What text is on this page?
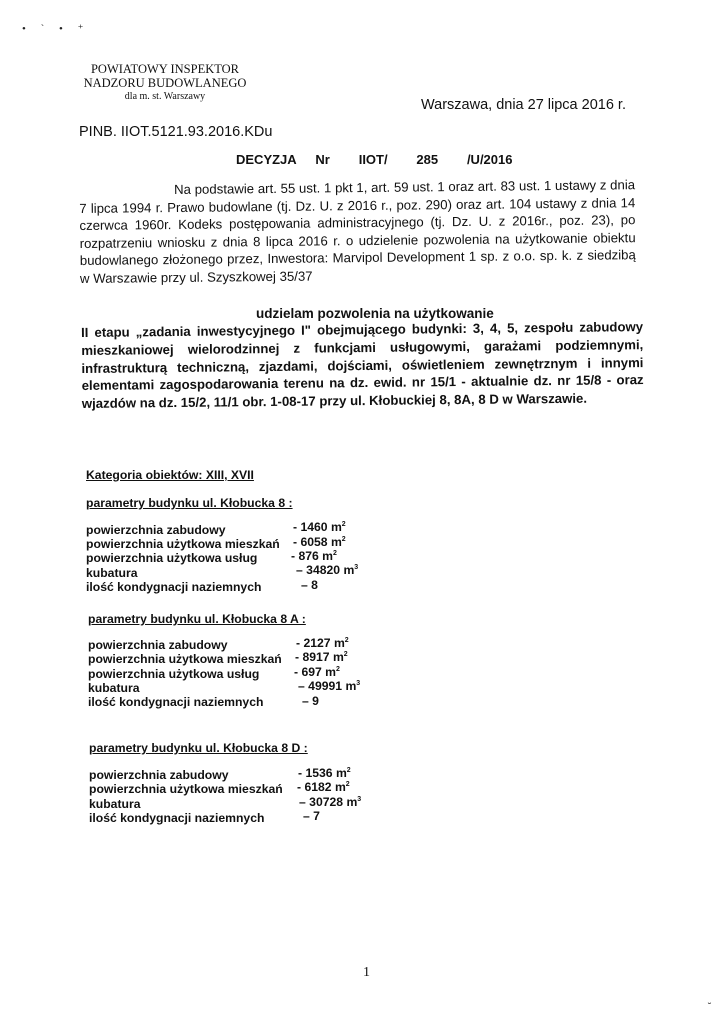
• ` • ⁺
POWIATOWY INSPEKTOR
NADZORU BUDOWLANEGO
dla m. st. Warszawy
Warszawa, dnia 27 lipca 2016 r.
PINB. IIOT.5121.93.2016.KDu
DECYZJA  Nr   IIOT/   285   /U/2016

Na podstawie art. 55 ust. 1 pkt 1, art. 59 ust. 1 oraz art. 83 ust. 1 ustawy z dnia 7 lipca 1994 r. Prawo budowlane (tj. Dz. U. z 2016 r., poz. 290) oraz art. 104 ustawy z dnia 14 czerwca 1960r. Kodeks postępowania administracyjnego (tj. Dz. U. z 2016r., poz. 23), po rozpatrzeniu wniosku z dnia 8 lipca 2016 r. o udzielenie pozwolenia na użytkowanie obiektu budowlanego złożonego przez, Inwestora: Marvipol Development 1 sp. z o.o. sp. k. z siedzibą w Warszawie przy ul. Szyszkowej 35/37

udzielam pozwolenia na użytkowanie

II etapu „zadania inwestycyjnego I" obejmującego budynki: 3, 4, 5, zespołu zabudowy mieszkaniowej wielorodzinnej z funkcjami usługowymi, garażami podziemnymi, infrastrukturą techniczną, zjazdami, dojściami, oświetleniem zewnętrznym i innymi elementami zagospodarowania terenu na dz. ewid. nr 15/1 - aktualnie dz. nr 15/8 - oraz wjazdów na dz. 15/2, 11/1 obr. 1-08-17 przy ul. Kłobuckiej 8, 8A, 8 D w Warszawie.

Kategoria obiektów: XIII, XVII
parametry budynku ul. Kłobucka 8 :
powierzchnia zabudowy	- 1460 $m^2$
powierzchnia użytkowa mieszkań - 6058 $m^2$
powierzchnia użytkowa usług	- 876 $m^2$
kubatura	– 34820 $m^3$
ilość kondygnacji naziemnych	– 8
parametry budynku ul. Kłobucka 8 A :
powierzchnia zabudowy	- 2127 $m^2$
powierzchnia użytkowa mieszkań - 8917 $m^2$
powierzchnia użytkowa usług	- 697 $m^2$
kubatura	– 49991 $m^3$
ilość kondygnacji naziemnych	– 9
parametry budynku ul. Kłobucka 8 D :
powierzchnia zabudowy	- 1536 $m^2$
powierzchnia użytkowa mieszkań - 6182 $m^2$
kubatura	– 30728 $m^3$
ilość kondygnacji naziemnych	– 7
1
˘
